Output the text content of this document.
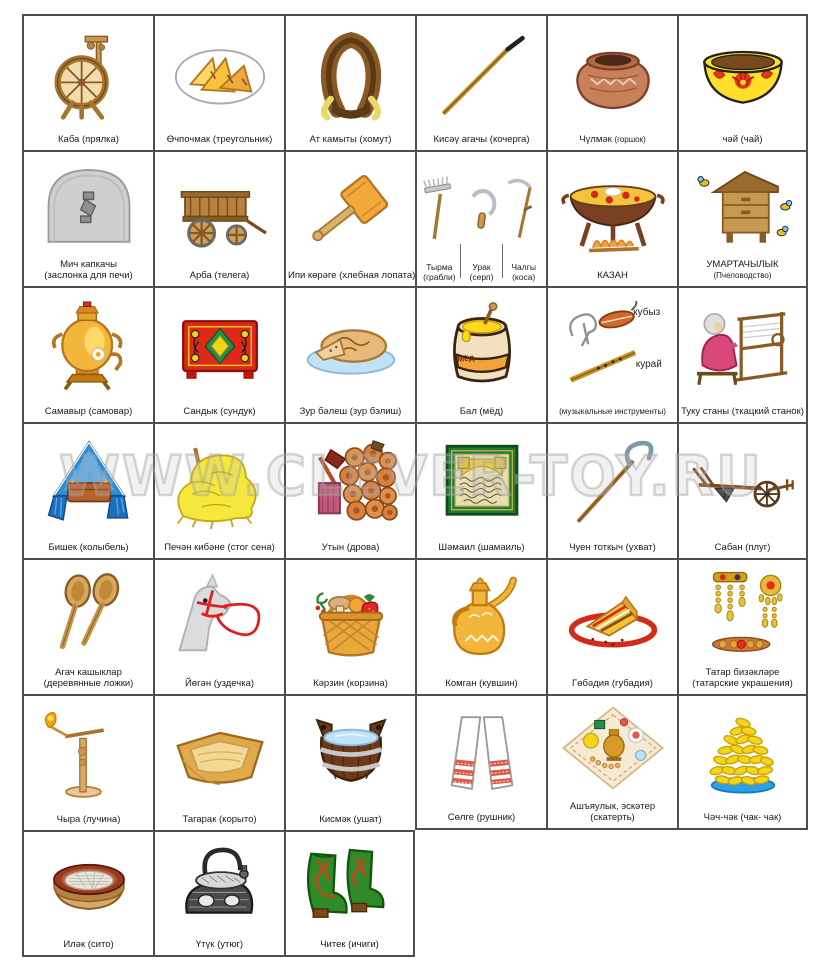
Каба (прялка)	Өчпочмак (треугольник)	Ат камыты (хомут)	Кисәү агачы (кочерга)	Чүлмәк (горшок)	чәй (чай)
Мич капкачы
(заслонка для печи)	Арба (телега)	Ипи көрәге (хлебная лопата)
Тырма
(грабли)
Урак
(серп)
Чалгы
(коса)	КАЗАН
УМАРТАЧЫЛЫК
(Пчеловодство)
Самавыр (самовар)	Сандык (сундук)	Зур бәлеш (зур бэлиш)
Мёд
Бал (мёд)
кубыз
курай
(музыкальные инструменты)	Туку станы (ткацкий станок)
Бишек (колыбель)	Печән кибәне (стог сена)	Утын (дрова)	Шәмаил (шамаиль)	Чуен тоткыч (ухват)	Сабан (плуг)
Агач кашыклар
(деревянные ложки)	Йөгән (уздечка)	Кәрзин (корзина)	Комган (кувшин)	Гөбәдия (губадия)
Татар бизәкләре
(татарские украшения)
Чыра (лучина)	Тагарак (корыто)	Кисмәк (ушат)	Сөлге (рушник)
Ашъяулык, эскәтер
(скатерть)	Чәч-чәк (чак- чак)
Иләк (сито)	Үтүк (утюг)	Читек (ичиги)
WWW.CLEVER-TOY.RU
